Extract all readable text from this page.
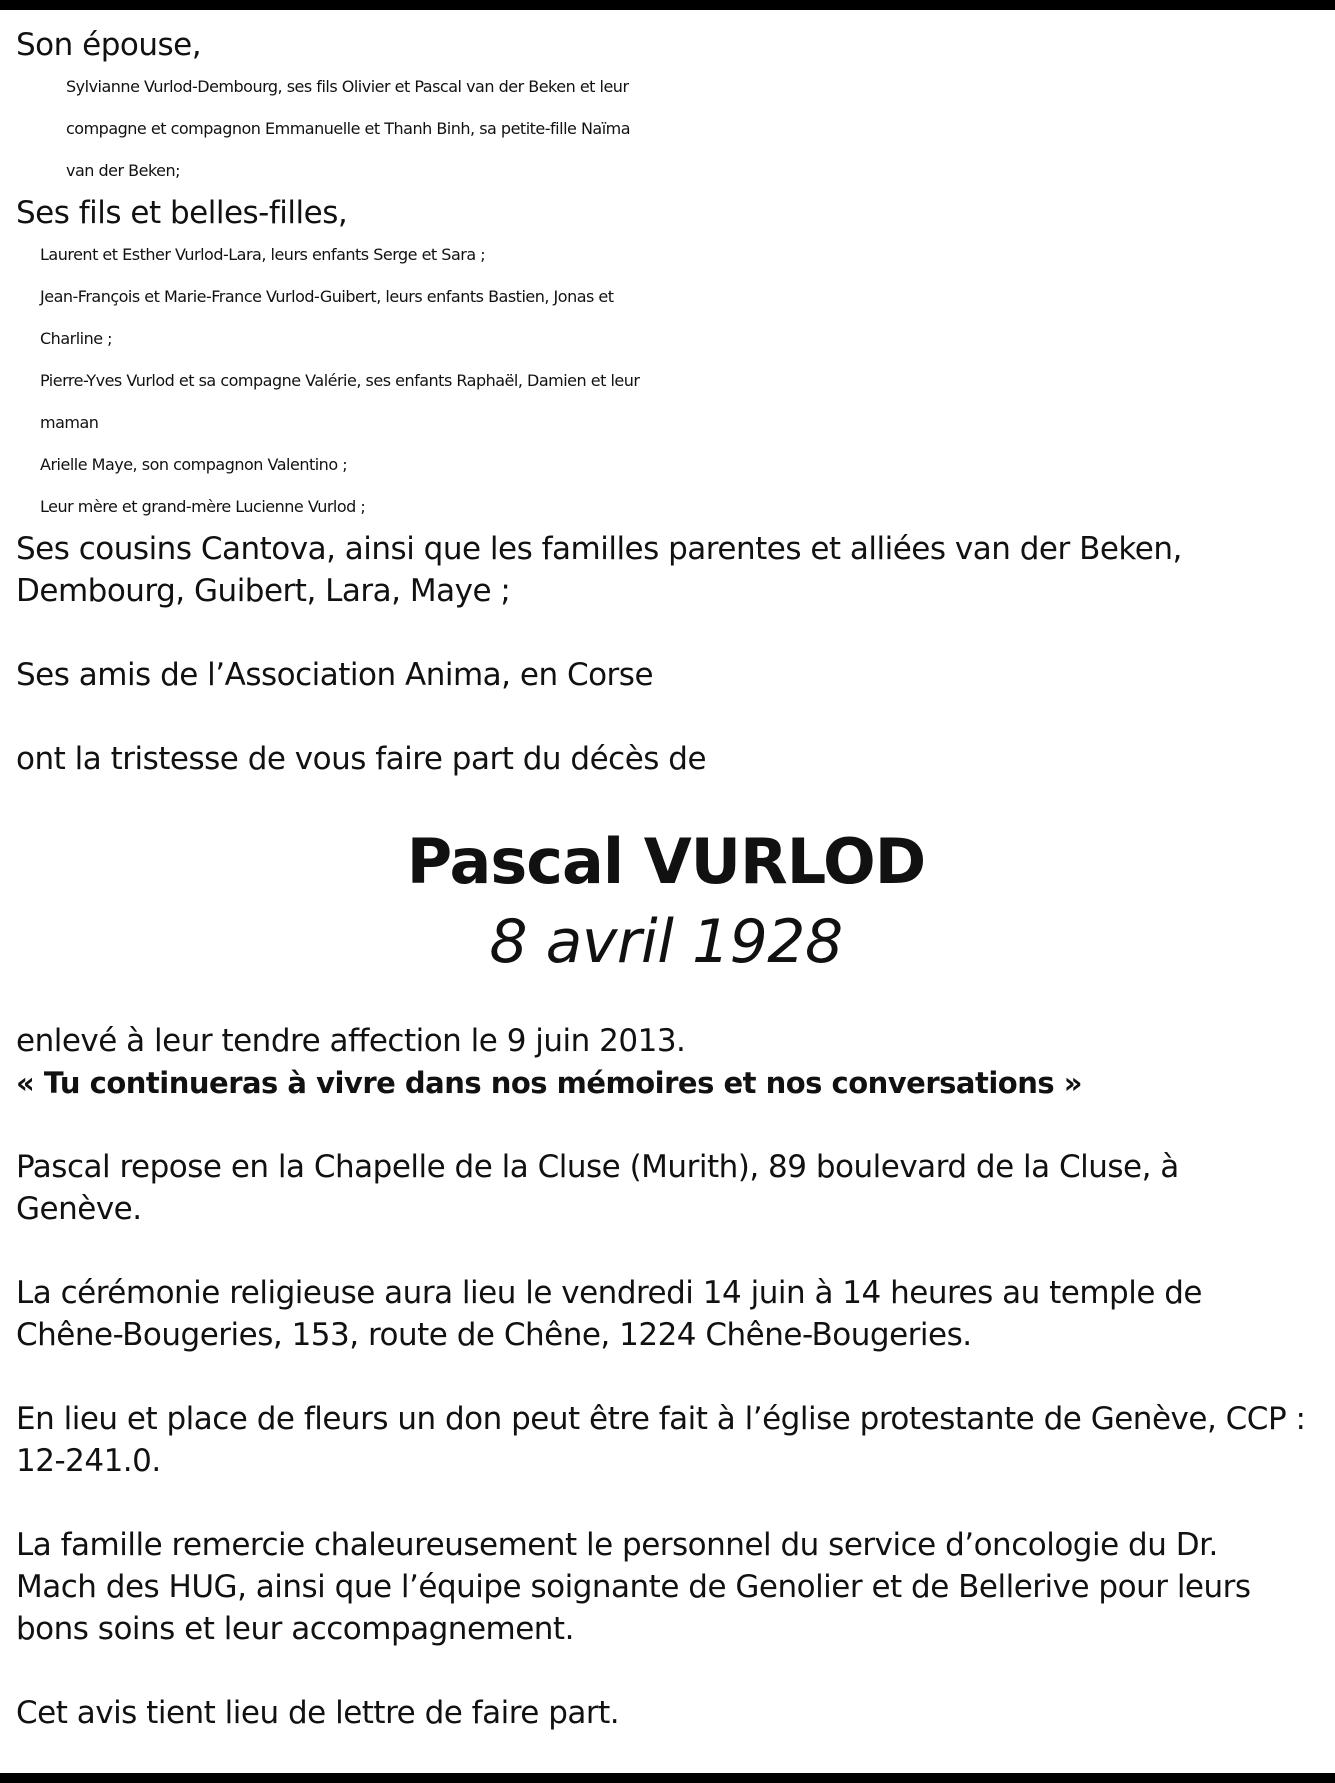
Son épouse,
Sylvianne Vurlod-Dembourg, ses fils Olivier et Pascal van der Beken et leur
compagne et compagnon Emmanuelle et Thanh Binh, sa petite-fille Naïma
van der Beken;
Ses fils et belles-filles,
Laurent et Esther Vurlod-Lara, leurs enfants Serge et Sara ;
Jean-François et Marie-France Vurlod-Guibert, leurs enfants Bastien, Jonas et
Charline ;
Pierre-Yves Vurlod et sa compagne Valérie, ses enfants Raphaël, Damien et leur
maman
Arielle Maye, son compagnon Valentino ;
Leur mère et grand-mère Lucienne Vurlod ;
Ses cousins Cantova, ainsi que les familles parentes et alliées van der Beken,
Dembourg, Guibert, Lara, Maye ;
Ses amis de l’Association Anima, en Corse
ont la tristesse de vous faire part du décès de
Pascal VURLOD
8 avril 1928
enlevé à leur tendre affection le 9 juin 2013.
« Tu continueras à vivre dans nos mémoires et nos conversations »
Pascal repose en la Chapelle de la Cluse (Murith), 89 boulevard de la Cluse, à
Genève.
La cérémonie religieuse aura lieu le vendredi 14 juin à 14 heures au temple de
Chêne-Bougeries, 153, route de Chêne, 1224 Chêne-Bougeries.
En lieu et place de fleurs un don peut être fait à l’église protestante de Genève, CCP :
12-241.0.
La famille remercie chaleureusement le personnel du service d’oncologie du Dr.
Mach des HUG, ainsi que l’équipe soignante de Genolier et de Bellerive pour leurs
bons soins et leur accompagnement.
Cet avis tient lieu de lettre de faire part.
